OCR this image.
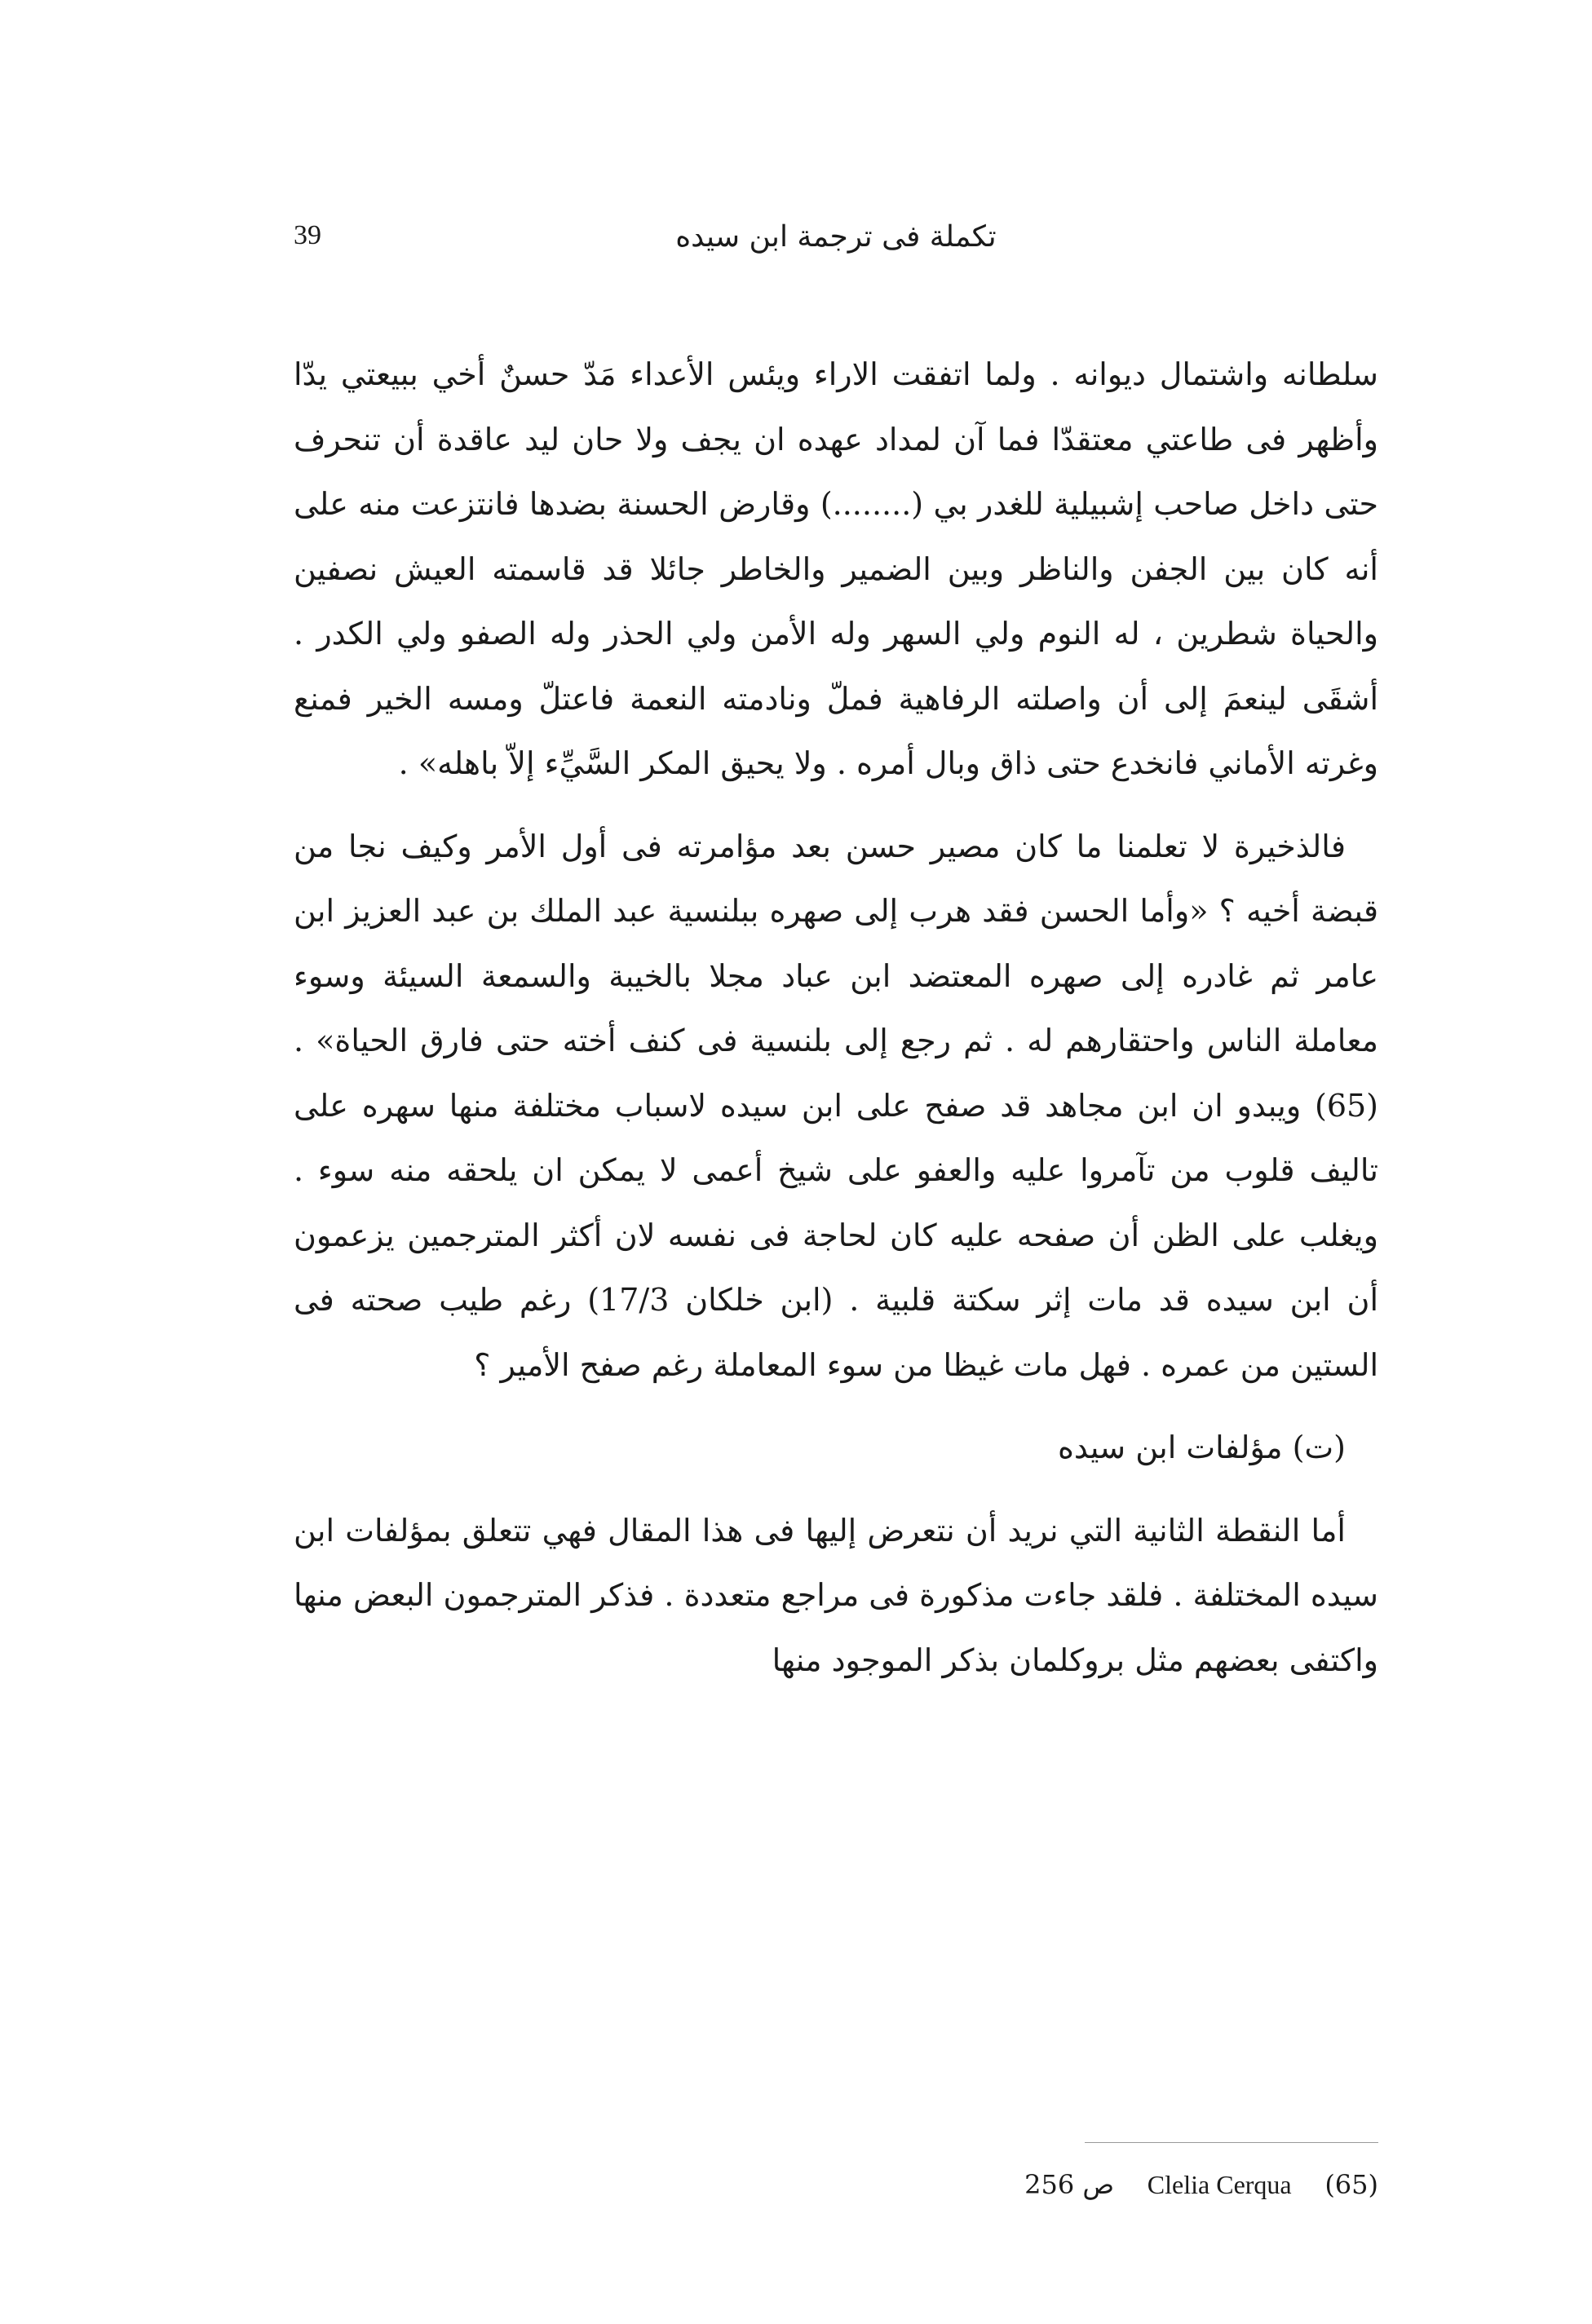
39	تكملة فى ترجمة ابن سيده

سلطانه واشتمال ديوانه . ولما اتفقت الاراء ويئس الأعداء مَدّ حسنٌ أخي ببيعتي يدّا وأظهر فى طاعتي معتقدّا فما آن لمداد عهده ان يجف ولا حان ليد عاقدة أن تنحرف حتى داخل صاحب إشبيلية للغدر بي (........) وقارض الحسنة بضدها فانتزعت منه على أنه كان بين الجفن والناظر وبين الضمير والخاطر جائلا قد قاسمته العيش نصفين والحياة شطرين ، له النوم ولي السهر وله الأمن ولي الحذر وله الصفو ولي الكدر . أشقَى لينعمَ إلى أن واصلته الرفاهية فملّ ونادمته النعمة فاعتلّ ومسه الخير فمنع وغرته الأماني فانخدع حتى ذاق وبال أمره . ولا يحيق المكر السَّيِّء إلاّ باهله» .

فالذخيرة لا تعلمنا ما كان مصير حسن بعد مؤامرته فى أول الأمر وكيف نجا من قبضة أخيه ؟ «وأما الحسن فقد هرب إلى صهره ببلنسية عبد الملك بن عبد العزيز ابن عامر ثم غادره إلى صهره المعتضد ابن عباد مجلا بالخيبة والسمعة السيئة وسوء معاملة الناس واحتقارهم له . ثم رجع إلى بلنسية فى كنف أخته حتى فارق الحياة» . (65) ويبدو ان ابن مجاهد قد صفح على ابن سيده لاسباب مختلفة منها سهره على تاليف قلوب من تآمروا عليه والعفو على شيخ أعمى لا يمكن ان يلحقه منه سوء . ويغلب على الظن أن صفحه عليه كان لحاجة فى نفسه لان أكثر المترجمين يزعمون أن ابن سيده قد مات إثر سكتة قلبية . (ابن خلكان 17/3) رغم طيب صحته فى الستين من عمره . فهل مات غيظا من سوء المعاملة رغم صفح الأمير ؟

(ت) مؤلفات ابن سيده

أما النقطة الثانية التي نريد أن نتعرض إليها فى هذا المقال فهي تتعلق بمؤلفات ابن سيده المختلفة . فلقد جاءت مذكورة فى مراجع متعددة . فذكر المترجمون البعض منها واكتفى بعضهم مثل بروكلمان بذكر الموجود منها

(65)    Clelia Cerqua    ص 256
